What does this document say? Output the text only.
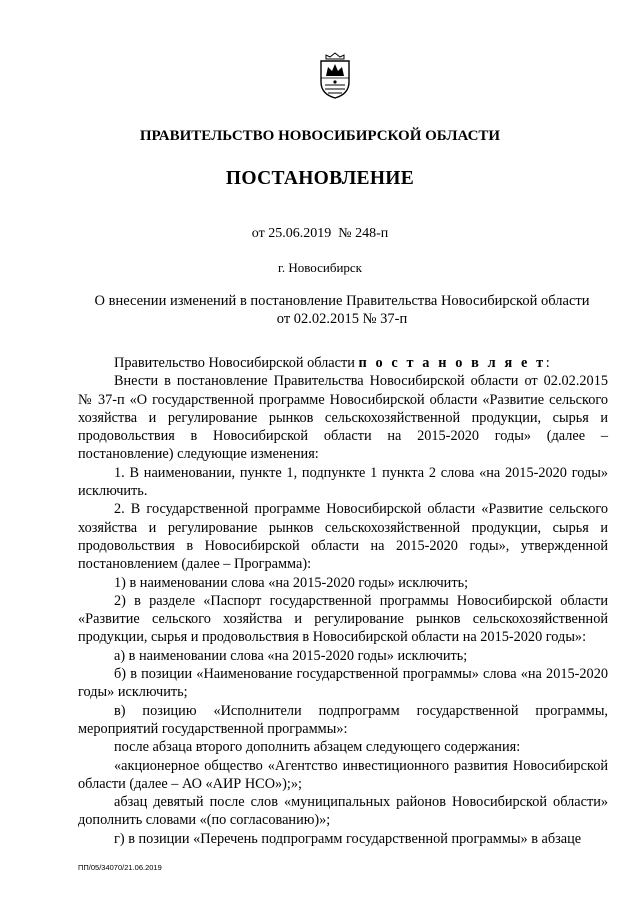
ПРАВИТЕЛЬСТВО НОВОСИБИРСКОЙ ОБЛАСТИ
ПОСТАНОВЛЕНИЕ
от 25.06.2019 № 248-п
г. Новосибирск
О внесении изменений в постановление Правительства Новосибирской области
от 02.02.2015 № 37-п

Правительство Новосибирской области п о с т а н о в л я е т:

Внести в постановление Правительства Новосибирской области от 02.02.2015 № 37-п «О государственной программе Новосибирской области «Развитие сельского хозяйства и регулирование рынков сельскохозяйственной продукции, сырья и продовольствия в Новосибирской области на 2015-2020 годы» (далее – постановление) следующие изменения:

1. В наименовании, пункте 1, подпункте 1 пункта 2 слова «на 2015-2020 годы» исключить.

2. В государственной программе Новосибирской области «Развитие сельского хозяйства и регулирование рынков сельскохозяйственной продукции, сырья и продовольствия в Новосибирской области на 2015-2020 годы», утвержденной постановлением (далее – Программа):

1) в наименовании слова «на 2015-2020 годы» исключить;

2) в разделе «Паспорт государственной программы Новосибирской области «Развитие сельского хозяйства и регулирование рынков сельскохозяйственной продукции, сырья и продовольствия в Новосибирской области на 2015-2020 годы»:

а) в наименовании слова «на 2015-2020 годы» исключить;

б) в позиции «Наименование государственной программы» слова «на 2015-2020 годы» исключить;

в) позицию «Исполнители подпрограмм государственной программы, мероприятий государственной программы»:

после абзаца второго дополнить абзацем следующего содержания:

«акционерное общество «Агентство инвестиционного развития Новосибирской области (далее – АО «АИР НСО»);»;

абзац девятый после слов «муниципальных районов Новосибирской области» дополнить словами «(по согласованию)»;

г) в позиции «Перечень подпрограмм государственной программы» в абзаце

ПП/05/34070/21.06.2019
